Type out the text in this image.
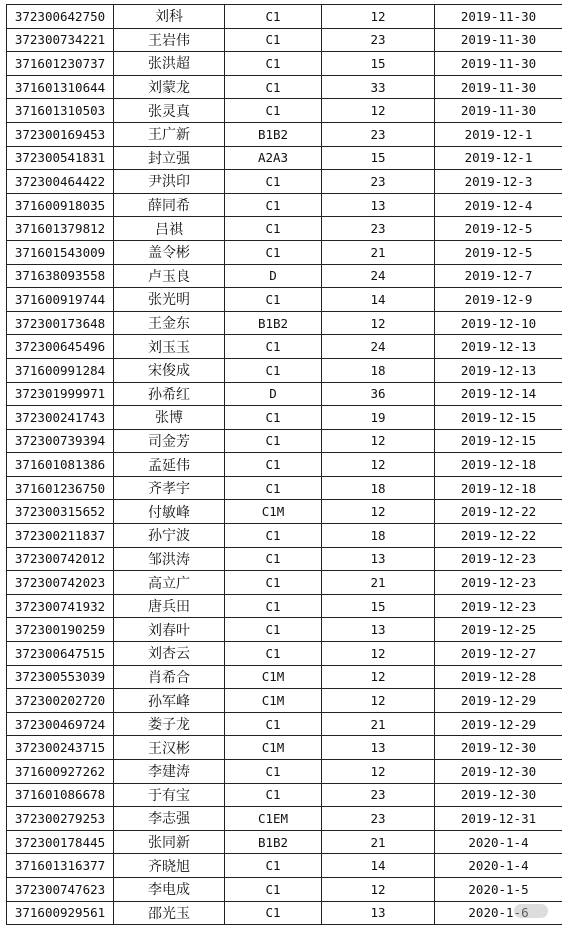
372300642750	刘科	C1	12	2019-11-30
372300734221	王岩伟	C1	23	2019-11-30
371601230737	张洪超	C1	15	2019-11-30
371601310644	刘蒙龙	C1	33	2019-11-30
371601310503	张灵真	C1	12	2019-11-30
372300169453	王广新	B1B2	23	2019-12-1
372300541831	封立强	A2A3	15	2019-12-1
372300464422	尹洪印	C1	23	2019-12-3
371600918035	薛同希	C1	13	2019-12-4
371601379812	吕祺	C1	23	2019-12-5
371601543009	盖令彬	C1	21	2019-12-5
371638093558	卢玉良	D	24	2019-12-7
371600919744	张光明	C1	14	2019-12-9
372300173648	王金东	B1B2	12	2019-12-10
372300645496	刘玉玉	C1	24	2019-12-13
371600991284	宋俊成	C1	18	2019-12-13
372301999971	孙希红	D	36	2019-12-14
372300241743	张博	C1	19	2019-12-15
372300739394	司金芳	C1	12	2019-12-15
371601081386	孟延伟	C1	12	2019-12-18
371601236750	齐孝宇	C1	18	2019-12-18
372300315652	付敏峰	C1M	12	2019-12-22
372300211837	孙宁波	C1	18	2019-12-22
372300742012	邹洪涛	C1	13	2019-12-23
372300742023	高立广	C1	21	2019-12-23
372300741932	唐兵田	C1	15	2019-12-23
372300190259	刘春叶	C1	13	2019-12-25
372300647515	刘杏云	C1	12	2019-12-27
372300553039	肖希合	C1M	12	2019-12-28
372300202720	孙军峰	C1M	12	2019-12-29
372300469724	娄子龙	C1	21	2019-12-29
372300243715	王汉彬	C1M	13	2019-12-30
371600927262	李建涛	C1	12	2019-12-30
371601086678	于有宝	C1	23	2019-12-30
372300279253	李志强	C1EM	23	2019-12-31
372300178445	张同新	B1B2	21	2020-1-4
371601316377	齐晓旭	C1	14	2020-1-4
372300747623	李电成	C1	12	2020-1-5
371600929561	邵光玉	C1	13	2020-1-6
